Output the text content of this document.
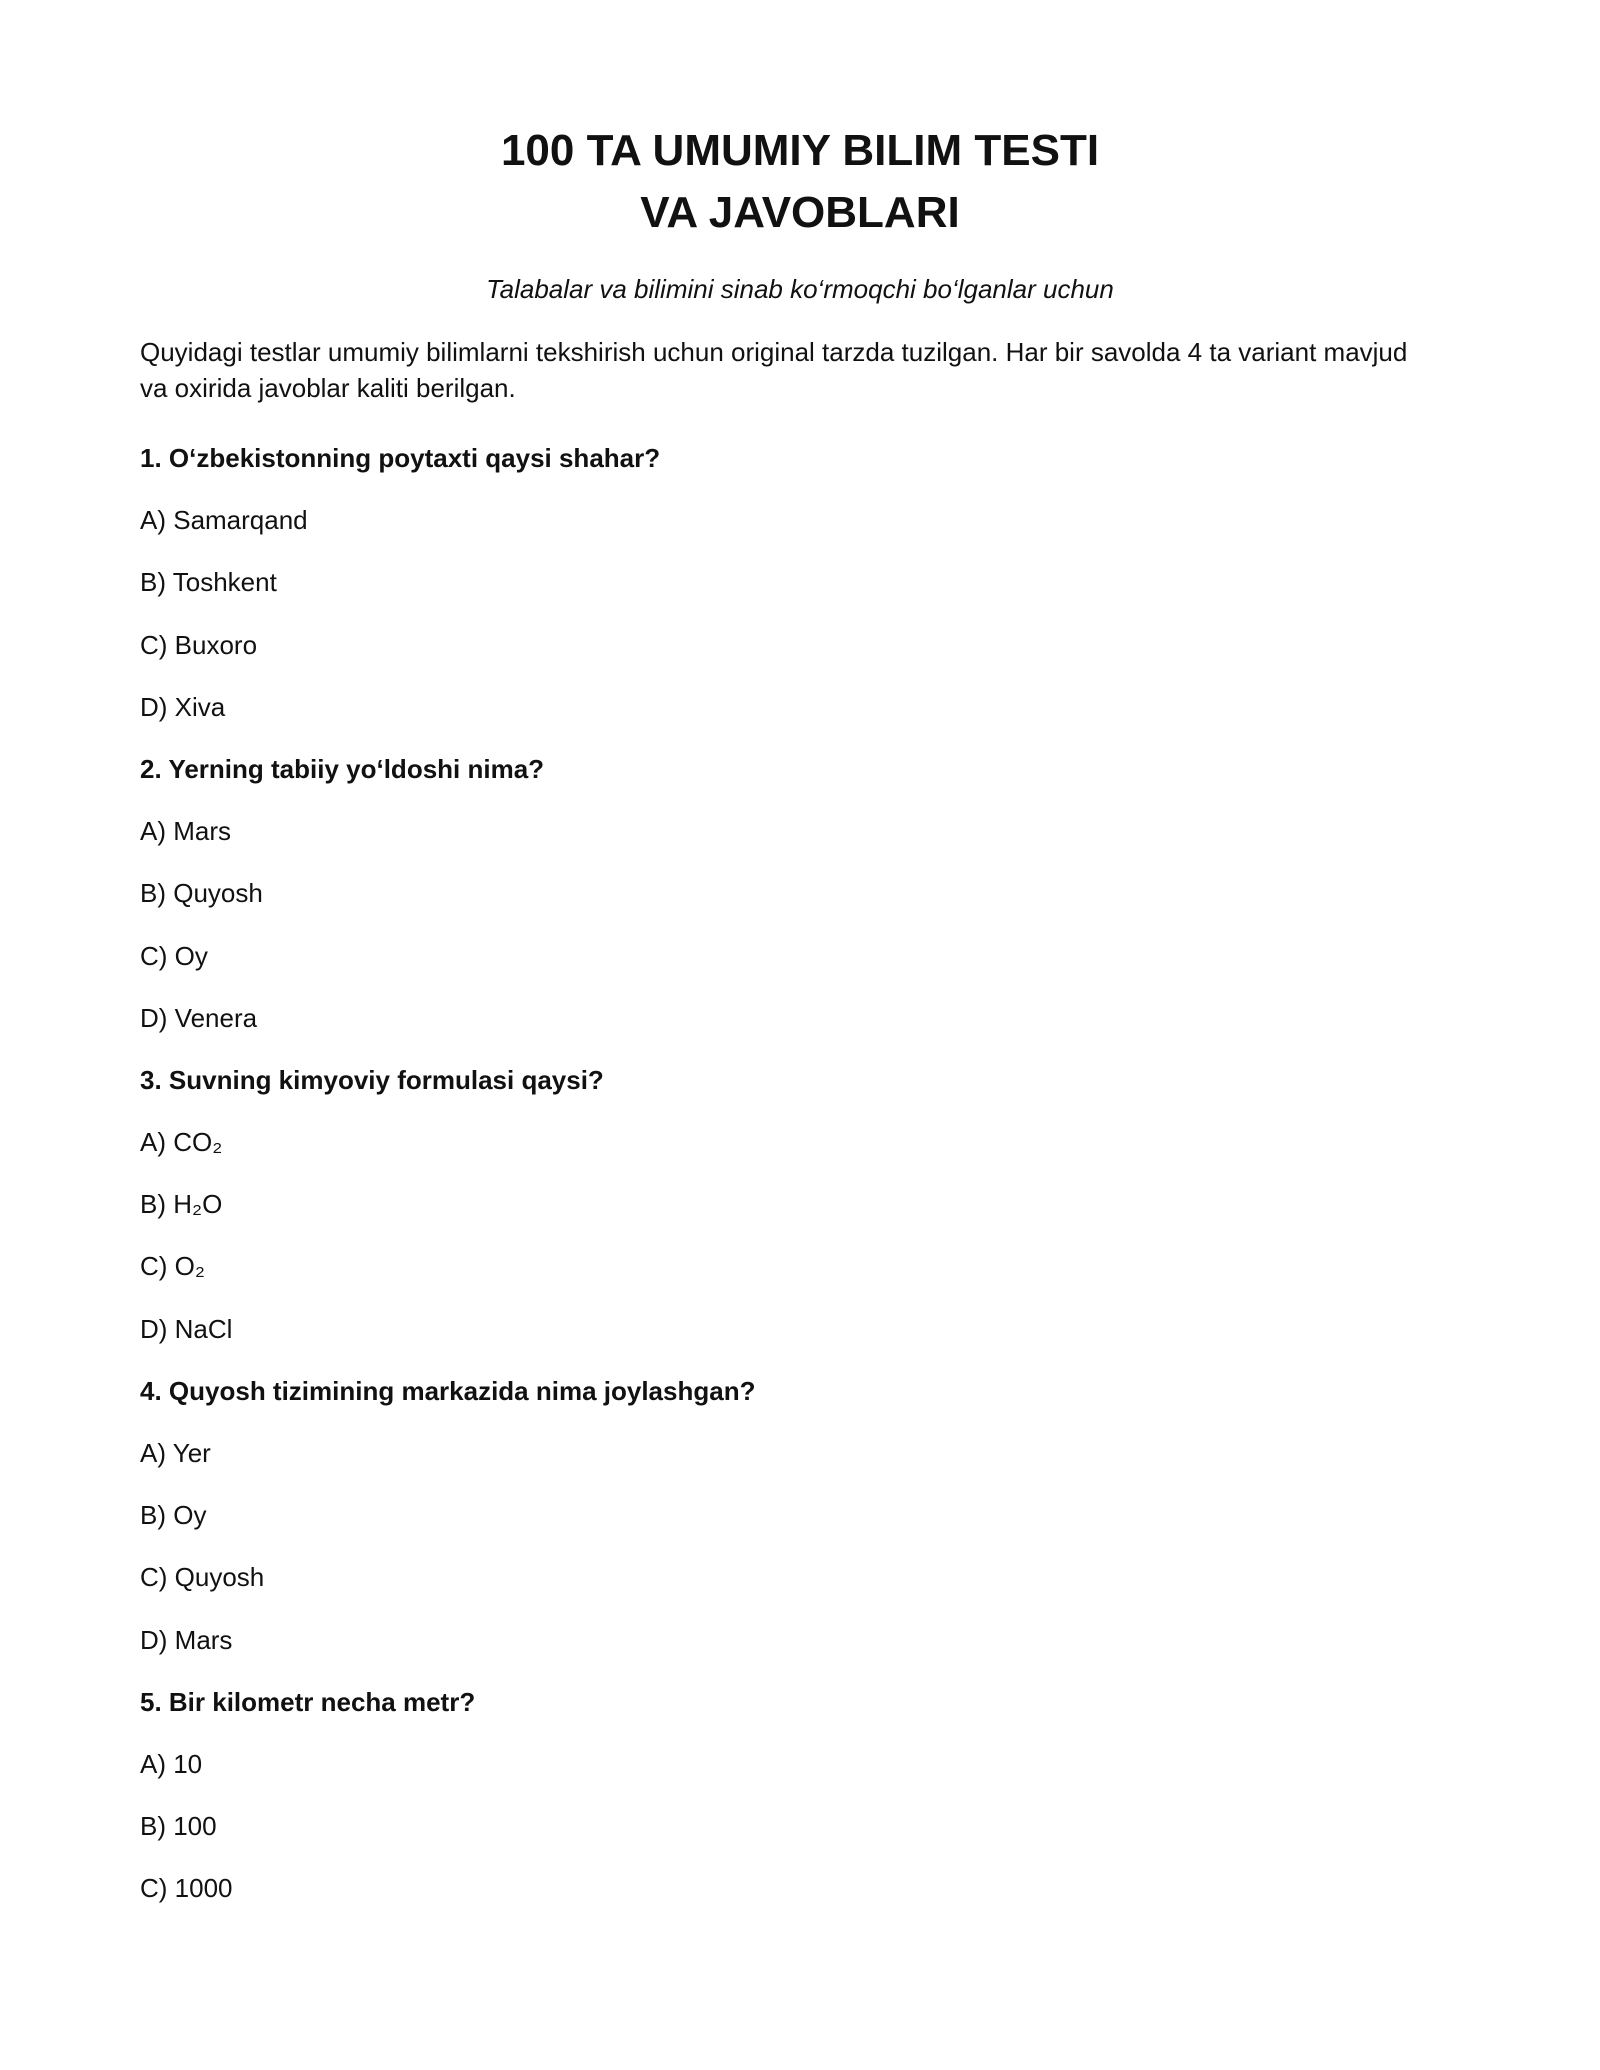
100 TA UMUMIY BILIM TESTI
VA JAVOBLARI

Talabalar va bilimini sinab ko‘rmoqchi bo‘lganlar uchun

Quyidagi testlar umumiy bilimlarni tekshirish uchun original tarzda tuzilgan. Har bir savolda 4 ta variant mavjud va oxirida javoblar kaliti berilgan.

1. O‘zbekistonning poytaxti qaysi shahar?

A) Samarqand

B) Toshkent

C) Buxoro

D) Xiva

2. Yerning tabiiy yo‘ldoshi nima?

A) Mars

B) Quyosh

C) Oy

D) Venera

3. Suvning kimyoviy formulasi qaysi?

A) CO₂

B) H₂O

C) O₂

D) NaCl

4. Quyosh tizimining markazida nima joylashgan?

A) Yer

B) Oy

C) Quyosh

D) Mars

5. Bir kilometr necha metr?

A) 10

B) 100

C) 1000
